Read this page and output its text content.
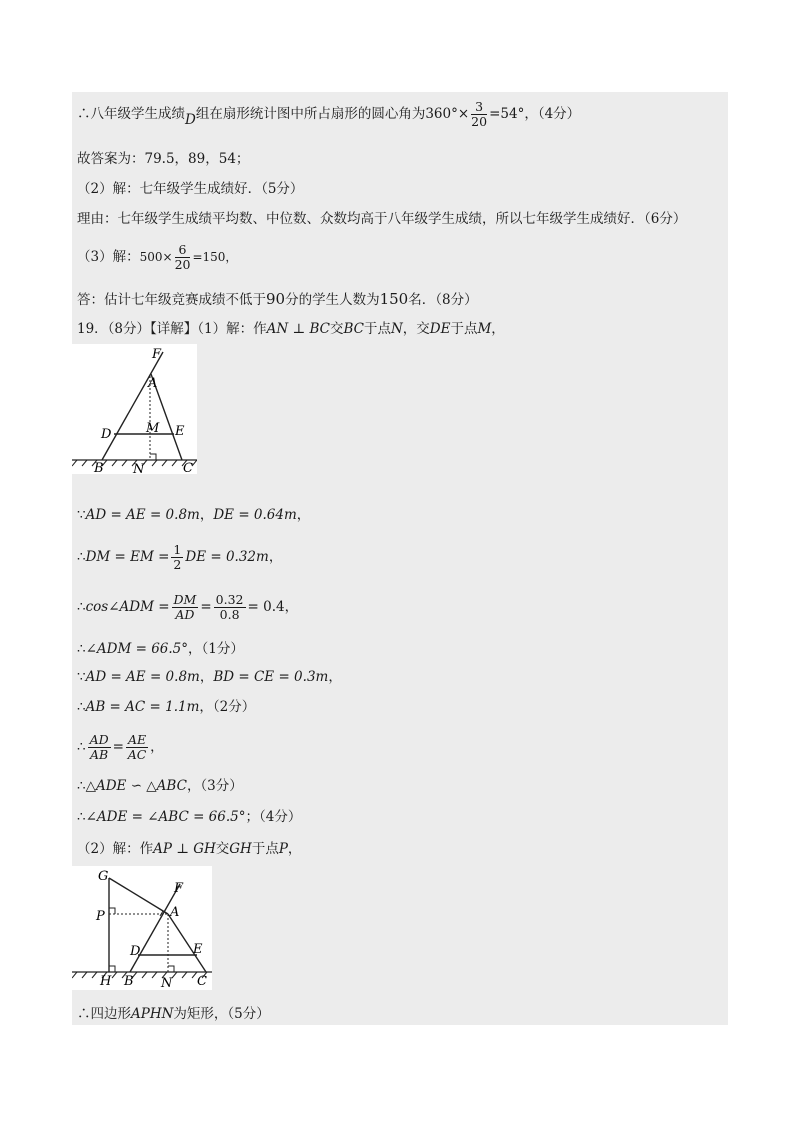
∴八年级学生成绩D组在扇形统计图中所占扇形的圆心角为$360^\circ\times \frac{3}{20} =54^\circ$，（4分）
故答案为：79.5，89，54；
（2）解：七年级学生成绩好．（5分）
理由：七年级学生成绩平均数、中位数、众数均高于八年级学生成绩，所以七年级学生成绩好．（6分）
（3）解：$500\times \frac{6}{20} =150$，
答：估计七年级竞赛成绩不低于90分的学生人数为150名．（8分）
19．（8分）【详解】（1）解：作AN ⊥ BC交BC于点N，交DE于点M，
F
A
D	M E
B N	C
∵AD = AE = 0.8m，DE = 0.64m，
∴DM = EM = $\frac{1}{2}$ DE = 0.32m，
∴cos∠ADM = $\frac{DM}{AD} = \frac{0.32}{0.8} = 0.4$，
∴∠ADM = 66.5°，（1分）
∵AD = AE = 0.8m，BD = CE = 0.3m，
∴AB = AC = 1.1m，（2分）
∴ $\frac{AD}{AB} = \frac{AE}{AC}$ ，
∴△ADE ∽ △ABC，（3分）
∴∠ADE = ∠ABC = 66.5°；（4分）
（2）解：作AP ⊥ GH交GH于点P，
G
F
P	A
D	E
H B N C
∴四边形APHN为矩形，（5分）
